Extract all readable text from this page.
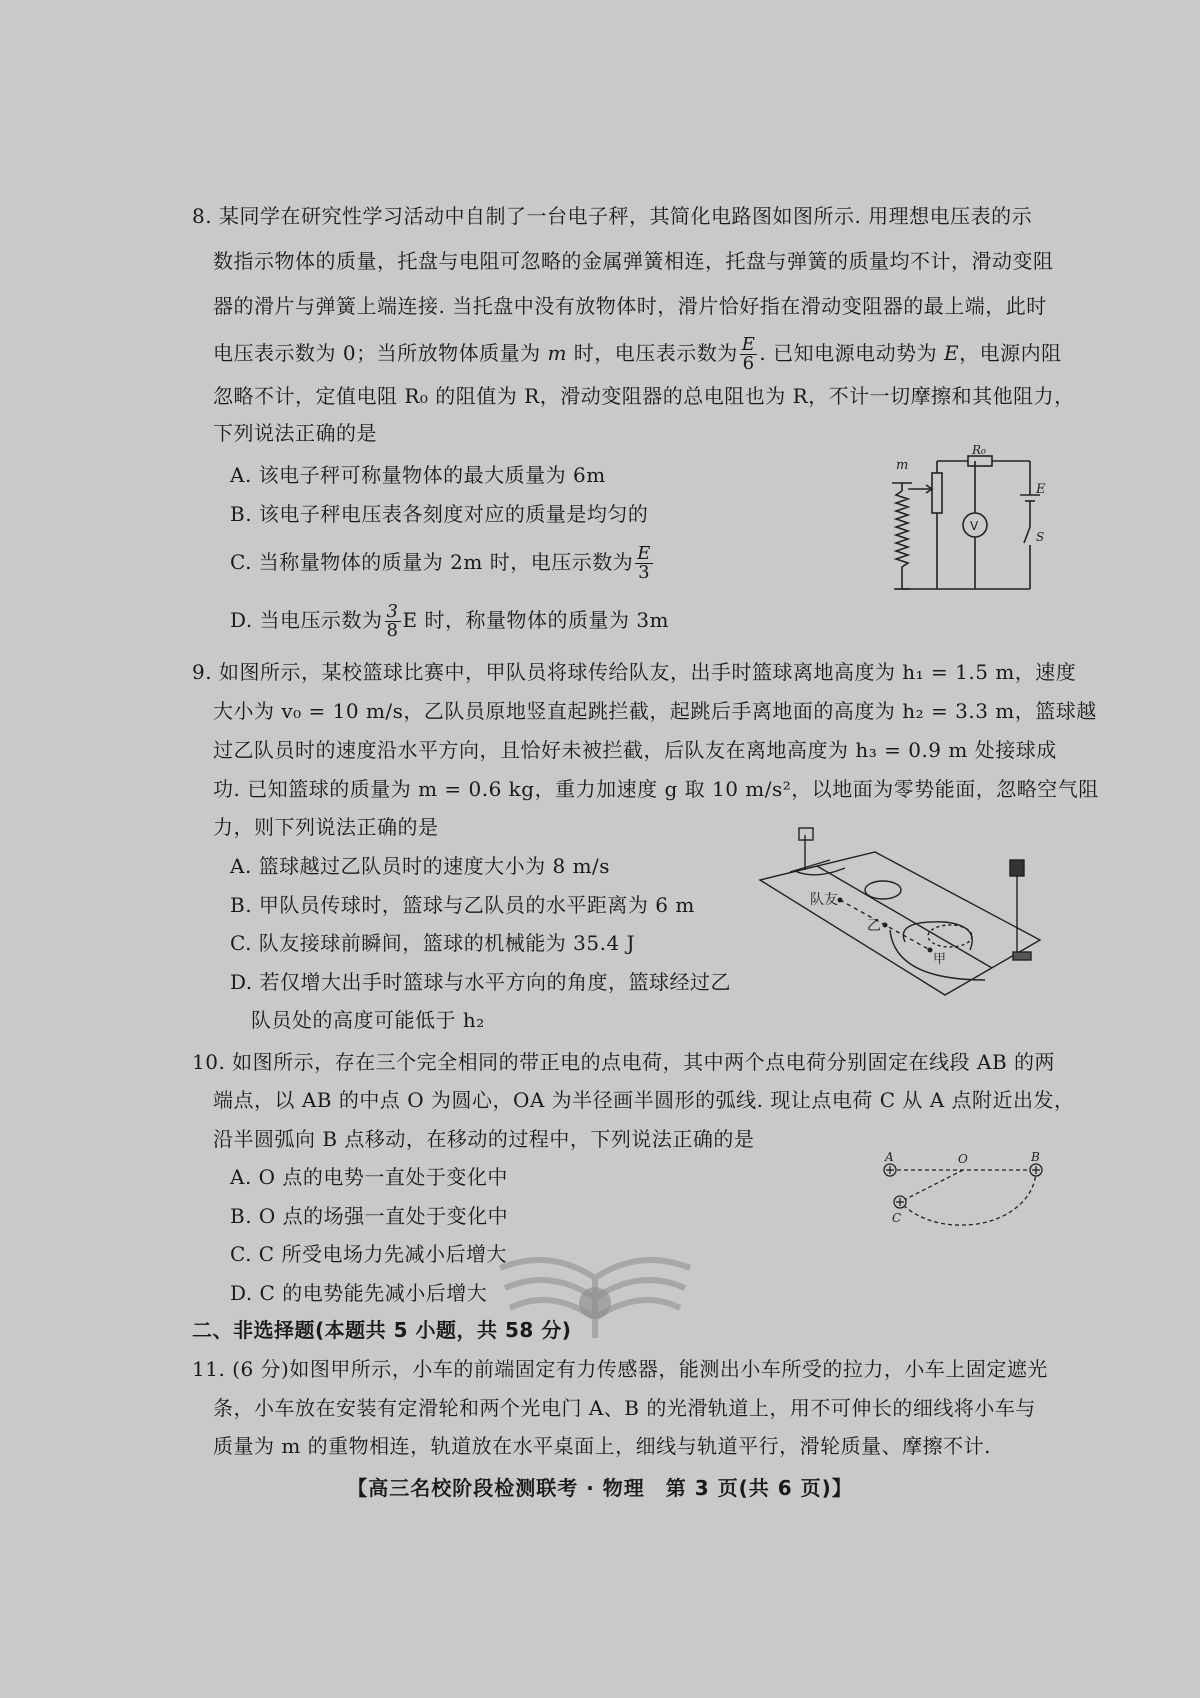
8. 某同学在研究性学习活动中自制了一台电子秤，其简化电路图如图所示. 用理想电压表的示
数指示物体的质量，托盘与电阻可忽略的金属弹簧相连，托盘与弹簧的质量均不计，滑动变阻
器的滑片与弹簧上端连接. 当托盘中没有放物体时，滑片恰好指在滑动变阻器的最上端，此时
电压表示数为 0；当所放物体质量为 m 时，电压表示数为 $\frac{E}{6}$ . 已知电源电动势为 E，电源内阻
忽略不计，定值电阻 R₀ 的阻值为 R，滑动变阻器的总电阻也为 R，不计一切摩擦和其他阻力，
下列说法正确的是
A. 该电子秤可称量物体的最大质量为 6m
B. 该电子秤电压表各刻度对应的质量是均匀的
C. 当称量物体的质量为 2m 时，电压示数为 $\frac{E}{3}$
D. 当电压示数为 $\frac{3}{8}$ E 时，称量物体的质量为 3m
m
R₀
E
S
V
9. 如图所示，某校篮球比赛中，甲队员将球传给队友，出手时篮球离地高度为 h₁ = 1.5 m，速度
大小为 v₀ = 10 m/s，乙队员原地竖直起跳拦截，起跳后手离地面的高度为 h₂ = 3.3 m，篮球越
过乙队员时的速度沿水平方向，且恰好未被拦截，后队友在离地高度为 h₃ = 0.9 m 处接球成
功. 已知篮球的质量为 m = 0.6 kg，重力加速度 g 取 10 m/s²，以地面为零势能面，忽略空气阻
力，则下列说法正确的是
A. 篮球越过乙队员时的速度大小为 8 m/s
B. 甲队员传球时，篮球与乙队员的水平距离为 6 m
C. 队友接球前瞬间，篮球的机械能为 35.4 J
D. 若仅增大出手时篮球与水平方向的角度，篮球经过乙
队员处的高度可能低于 h₂
队友
乙
甲
10. 如图所示，存在三个完全相同的带正电的点电荷，其中两个点电荷分别固定在线段 AB 的两
端点，以 AB 的中点 O 为圆心，OA 为半径画半圆形的弧线. 现让点电荷 C 从 A 点附近出发，
沿半圆弧向 B 点移动，在移动的过程中，下列说法正确的是
A. O 点的电势一直处于变化中
B. O 点的场强一直处于变化中
C. C 所受电场力先减小后增大
D. C 的电势能先减小后增大
A	O	B
C
二、非选择题(本题共 5 小题，共 58 分)
11. (6 分)如图甲所示，小车的前端固定有力传感器，能测出小车所受的拉力，小车上固定遮光
条，小车放在安装有定滑轮和两个光电门 A、B 的光滑轨道上，用不可伸长的细线将小车与
质量为 m 的重物相连，轨道放在水平桌面上，细线与轨道平行，滑轮质量、摩擦不计.
【高三名校阶段检测联考 · 物理　第 3 页(共 6 页)】
